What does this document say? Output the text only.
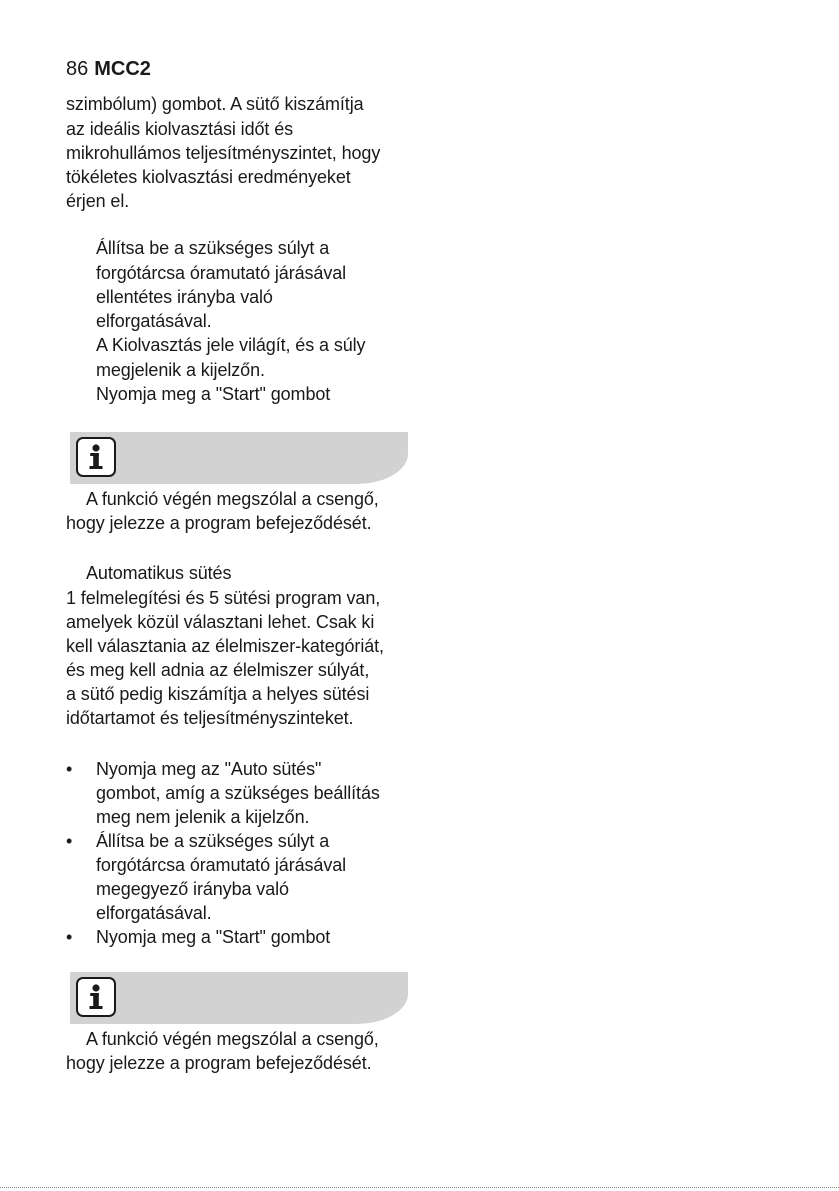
86 MCC2
szimbólum) gombot. A sütő kiszámítja
az ideális kiolvasztási időt és
mikrohullámos teljesítményszintet, hogy
tökéletes kiolvasztási eredményeket
érjen el.
Állítsa be a szükséges súlyt a
forgótárcsa óramutató járásával
ellentétes irányba való
elforgatásával.
A Kiolvasztás jele világít, és a súly
megjelenik a kijelzőn.
Nyomja meg a "Start" gombot
A funkció végén megszólal a csengő,
hogy jelezze a program befejeződését.
Automatikus sütés
1 felmelegítési és 5 sütési program van,
amelyek közül választani lehet. Csak ki
kell választania az élelmiszer-kategóriát,
és meg kell adnia az élelmiszer súlyát,
a sütő pedig kiszámítja a helyes sütési
időtartamot és teljesítményszinteket.
• Nyomja meg az "Auto sütés"
gombot, amíg a szükséges beállítás
meg nem jelenik a kijelzőn.
• Állítsa be a szükséges súlyt a
forgótárcsa óramutató járásával
megegyező irányba való
elforgatásával.
• Nyomja meg a "Start" gombot
A funkció végén megszólal a csengő,
hogy jelezze a program befejeződését.
